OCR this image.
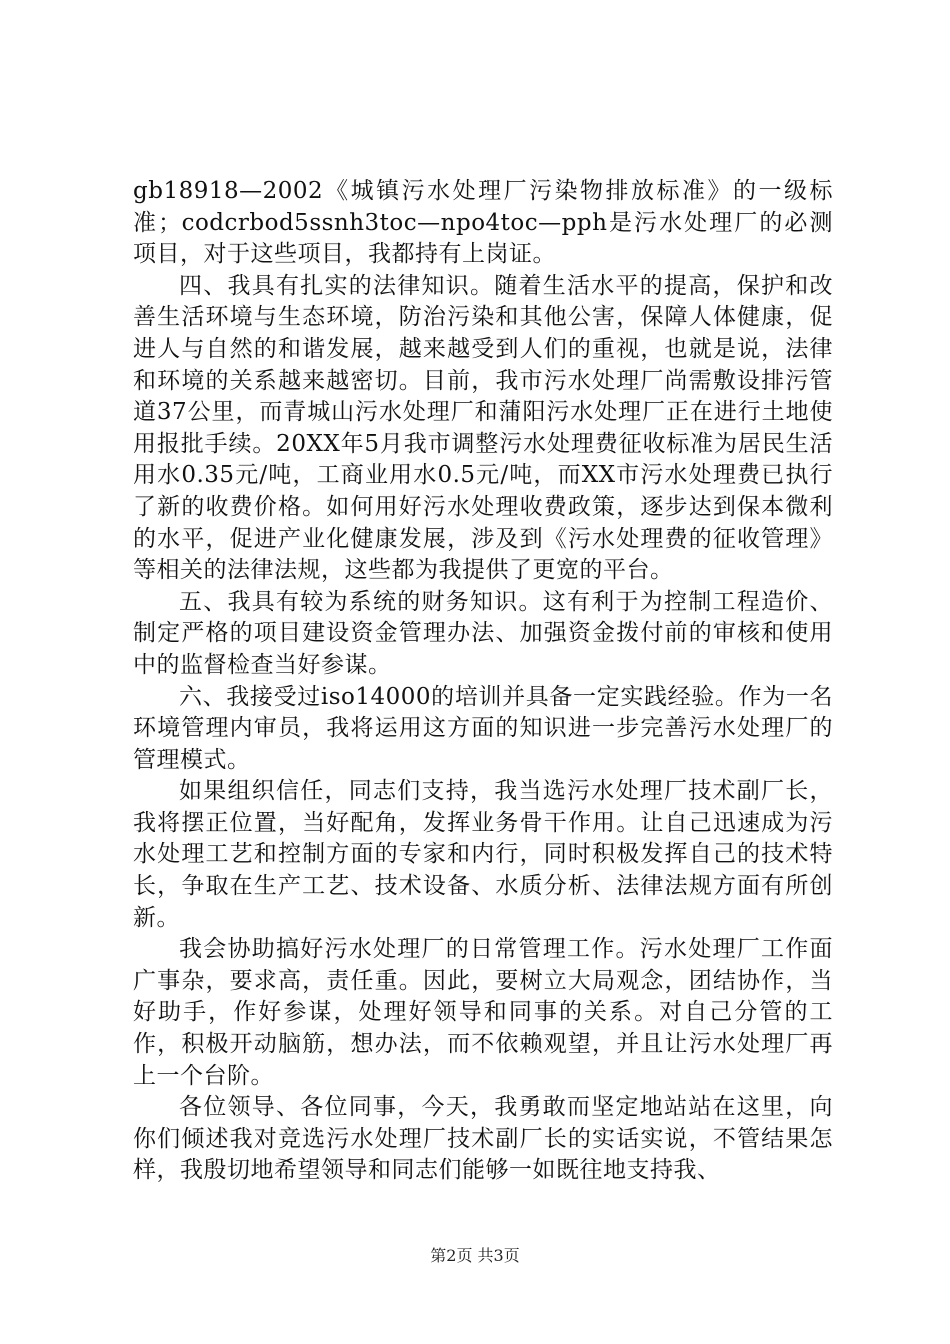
gb18918—2002《城镇污水处理厂污染物排放标准》的一级标准；codcrbod5ssnh3toc—npo4toc—pph是污水处理厂的必测项目，对于这些项目，我都持有上岗证。

四、我具有扎实的法律知识。随着生活水平的提高，保护和改善生活环境与生态环境，防治污染和其他公害，保障人体健康，促进人与自然的和谐发展，越来越受到人们的重视，也就是说，法律和环境的关系越来越密切。目前，我市污水处理厂尚需敷设排污管道37公里，而青城山污水处理厂和蒲阳污水处理厂正在进行土地使用报批手续。20XX年5月我市调整污水处理费征收标准为居民生活用水0.35元/吨，工商业用水0.5元/吨，而XX市污水处理费已执行了新的收费价格。如何用好污水处理收费政策，逐步达到保本微利的水平，促进产业化健康发展，涉及到《污水处理费的征收管理》等相关的法律法规，这些都为我提供了更宽的平台。

五、我具有较为系统的财务知识。这有利于为控制工程造价、制定严格的项目建设资金管理办法、加强资金拨付前的审核和使用中的监督检查当好参谋。

六、我接受过iso14000的培训并具备一定实践经验。作为一名环境管理内审员，我将运用这方面的知识进一步完善污水处理厂的管理模式。

如果组织信任，同志们支持，我当选污水处理厂技术副厂长，我将摆正位置，当好配角，发挥业务骨干作用。让自己迅速成为污水处理工艺和控制方面的专家和内行，同时积极发挥自己的技术特长，争取在生产工艺、技术设备、水质分析、法律法规方面有所创新。

我会协助搞好污水处理厂的日常管理工作。污水处理厂工作面广事杂，要求高，责任重。因此，要树立大局观念，团结协作，当好助手，作好参谋，处理好领导和同事的关系。对自己分管的工作，积极开动脑筋，想办法，而不依赖观望，并且让污水处理厂再上一个台阶。

各位领导、各位同事，今天，我勇敢而坚定地站站在这里，向你们倾述我对竞选污水处理厂技术副厂长的实话实说，不管结果怎样，我殷切地希望领导和同志们能够一如既往地支持我、

第2页 共3页
